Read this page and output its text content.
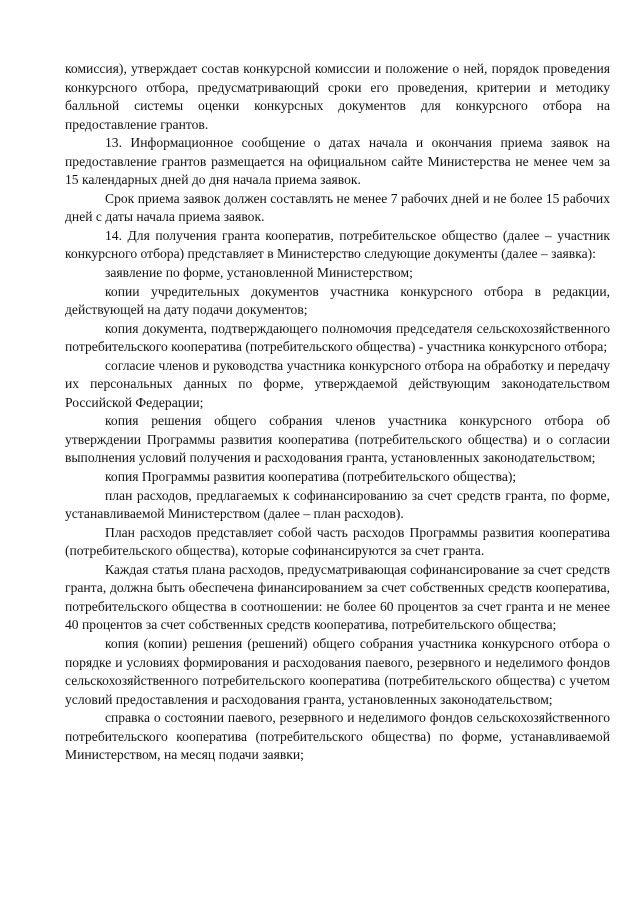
комиссия), утверждает состав конкурсной комиссии и положение о ней, порядок проведения конкурсного отбора, предусматривающий сроки его проведения, критерии и методику балльной системы оценки конкурсных документов для конкурсного отбора на предоставление грантов.

13. Информационное сообщение о датах начала и окончания приема заявок на предоставление грантов размещается на официальном сайте Министерства не менее чем за 15 календарных дней до дня начала приема заявок.

Срок приема заявок должен составлять не менее 7 рабочих дней и не более 15 рабочих дней с даты начала приема заявок.

14. Для получения гранта кооператив, потребительское общество (далее – участник конкурсного отбора) представляет в Министерство следующие документы (далее – заявка):

заявление по форме, установленной Министерством;

копии учредительных документов участника конкурсного отбора в редакции, действующей на дату подачи документов;

копия документа, подтверждающего полномочия председателя сельскохозяйственного потребительского кооператива (потребительского общества) - участника конкурсного отбора;

согласие членов и руководства участника конкурсного отбора на обработку и передачу их персональных данных по форме, утверждаемой действующим законодательством Российской Федерации;

копия решения общего собрания членов участника конкурсного отбора об утверждении Программы развития кооператива (потребительского общества) и о согласии выполнения условий получения и расходования гранта, установленных законодательством;

копия Программы развития кооператива (потребительского общества);

план расходов, предлагаемых к софинансированию за счет средств гранта, по форме, устанавливаемой Министерством (далее – план расходов).

План расходов представляет собой часть расходов Программы развития кооператива (потребительского общества), которые софинансируются за счет гранта.

Каждая статья плана расходов, предусматривающая софинансирование за счет средств гранта, должна быть обеспечена финансированием за счет собственных средств кооператива, потребительского общества в соотношении: не более 60 процентов за счет гранта и не менее 40 процентов за счет собственных средств кооператива, потребительского общества;

копия (копии) решения (решений) общего собрания участника конкурсного отбора о порядке и условиях формирования и расходования паевого, резервного и неделимого фондов сельскохозяйственного потребительского кооператива (потребительского общества) с учетом условий предоставления и расходования гранта, установленных законодательством;

справка о состоянии паевого, резервного и неделимого фондов сельскохозяйственного потребительского кооператива (потребительского общества) по форме, устанавливаемой Министерством, на месяц подачи заявки;
